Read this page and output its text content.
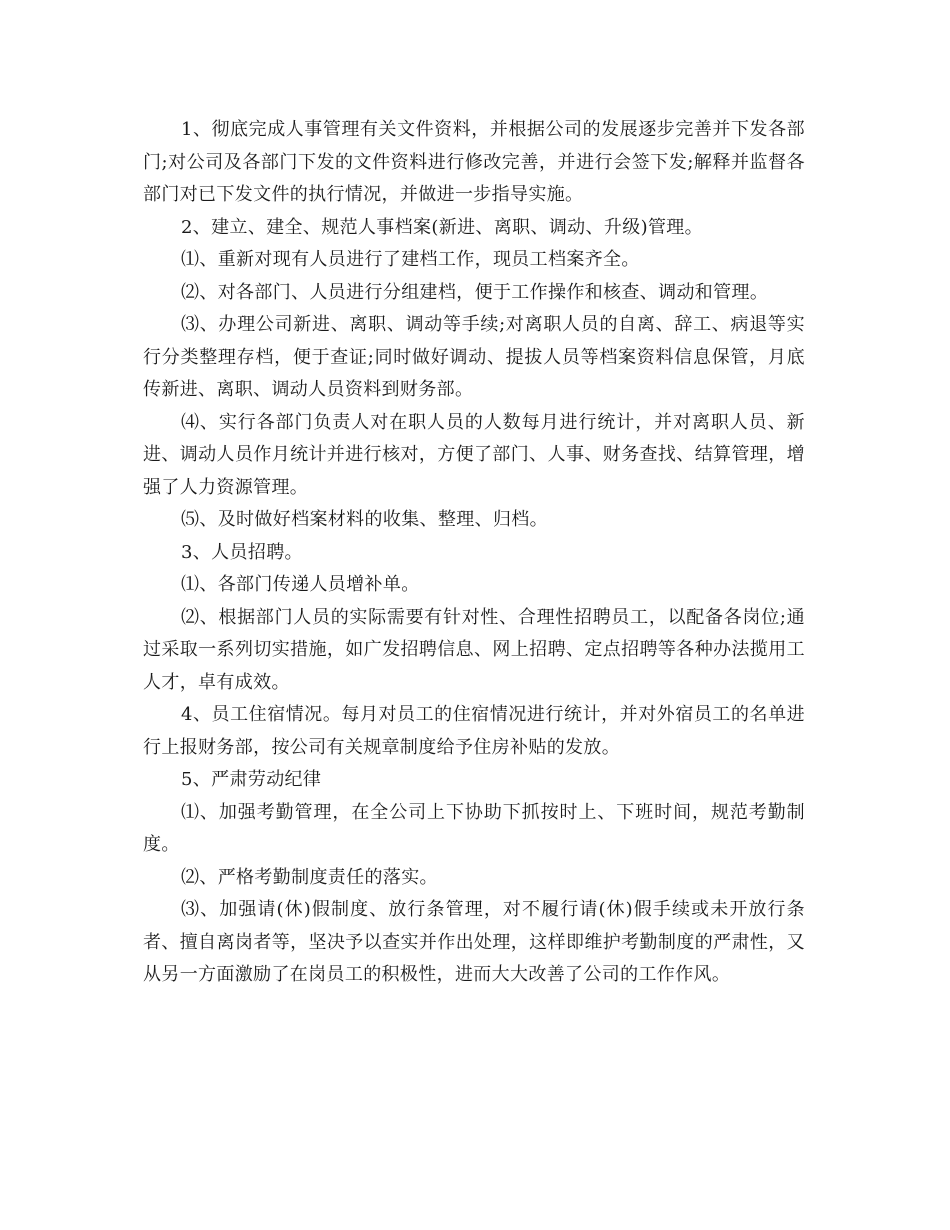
1、彻底完成人事管理有关文件资料，并根据公司的发展逐步完善并下发各部门;对公司及各部门下发的文件资料进行修改完善，并进行会签下发;解释并监督各部门对已下发文件的执行情况，并做进一步指导实施。

2、建立、建全、规范人事档案(新进、离职、调动、升级)管理。

⑴、重新对现有人员进行了建档工作，现员工档案齐全。

⑵、对各部门、人员进行分组建档，便于工作操作和核查、调动和管理。

⑶、办理公司新进、离职、调动等手续;对离职人员的自离、辞工、病退等实行分类整理存档，便于查证;同时做好调动、提拔人员等档案资料信息保管，月底传新进、离职、调动人员资料到财务部。

⑷、实行各部门负责人对在职人员的人数每月进行统计，并对离职人员、新进、调动人员作月统计并进行核对，方便了部门、人事、财务查找、结算管理，增强了人力资源管理。

⑸、及时做好档案材料的收集、整理、归档。

3、人员招聘。

⑴、各部门传递人员增补单。

⑵、根据部门人员的实际需要有针对性、合理性招聘员工，以配备各岗位;通过采取一系列切实措施，如广发招聘信息、网上招聘、定点招聘等各种办法揽用工人才，卓有成效。

4、员工住宿情况。每月对员工的住宿情况进行统计，并对外宿员工的名单进行上报财务部，按公司有关规章制度给予住房补贴的发放。

5、严肃劳动纪律

⑴、加强考勤管理，在全公司上下协助下抓按时上、下班时间，规范考勤制度。

⑵、严格考勤制度责任的落实。

⑶、加强请(休)假制度、放行条管理，对不履行请(休)假手续或未开放行条者、擅自离岗者等，坚决予以查实并作出处理，这样即维护考勤制度的严肃性，又从另一方面激励了在岗员工的积极性，进而大大改善了公司的工作作风。
